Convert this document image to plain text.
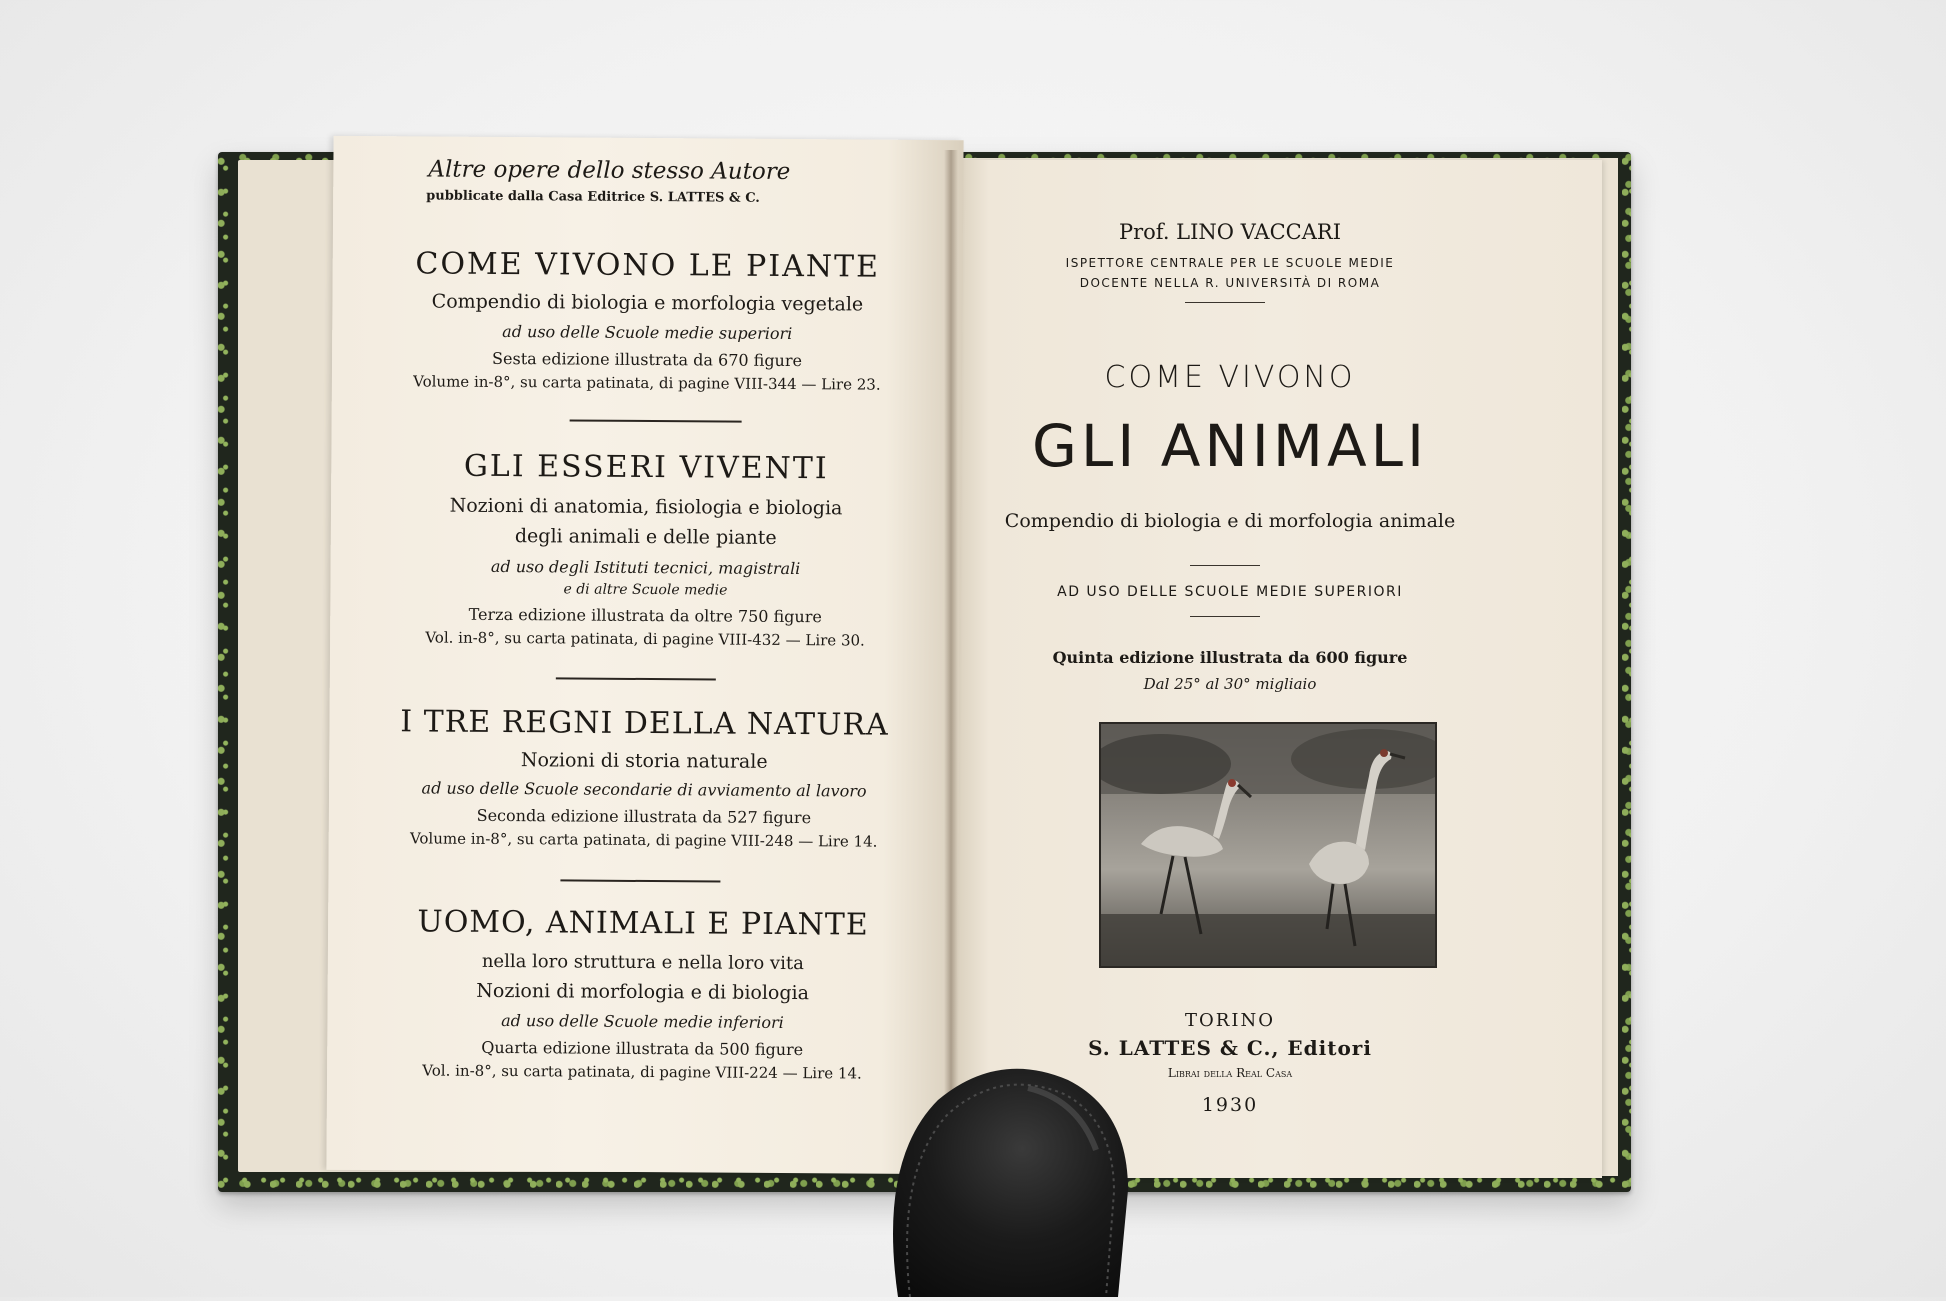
Altre opere dello stesso Autore
pubblicate dalla Casa Editrice S. LATTES & C.
COME VIVONO LE PIANTE
Compendio di biologia e morfologia vegetale
ad uso delle Scuole medie superiori
Sesta edizione illustrata da 670 figure
Volume in-8°, su carta patinata, di pagine VIII-344 — Lire 23.
GLI ESSERI VIVENTI
Nozioni di anatomia, fisiologia e biologia
degli animali e delle piante
ad uso degli Istituti tecnici, magistrali
e di altre Scuole medie
Terza edizione illustrata da oltre 750 figure
Vol. in-8°, su carta patinata, di pagine VIII-432 — Lire 30.
I TRE REGNI DELLA NATURA
Nozioni di storia naturale
ad uso delle Scuole secondarie di avviamento al lavoro
Seconda edizione illustrata da 527 figure
Volume in-8°, su carta patinata, di pagine VIII-248 — Lire 14.
UOMO, ANIMALI E PIANTE
nella loro struttura e nella loro vita
Nozioni di morfologia e di biologia
ad uso delle Scuole medie inferiori
Quarta edizione illustrata da 500 figure
Vol. in-8°, su carta patinata, di pagine VIII-224 — Lire 14.
Prof. LINO VACCARI
ISPETTORE CENTRALE PER LE SCUOLE MEDIE
DOCENTE NELLA R. UNIVERSITÀ DI ROMA
COME VIVONO
GLI ANIMALI
Compendio di biologia e di morfologia animale
AD USO DELLE SCUOLE MEDIE SUPERIORI
Quinta edizione illustrata da 600 figure
Dal 25° al 30° migliaio
TORINO
S. LATTES & C., Editori
Librai della Real Casa
1930
